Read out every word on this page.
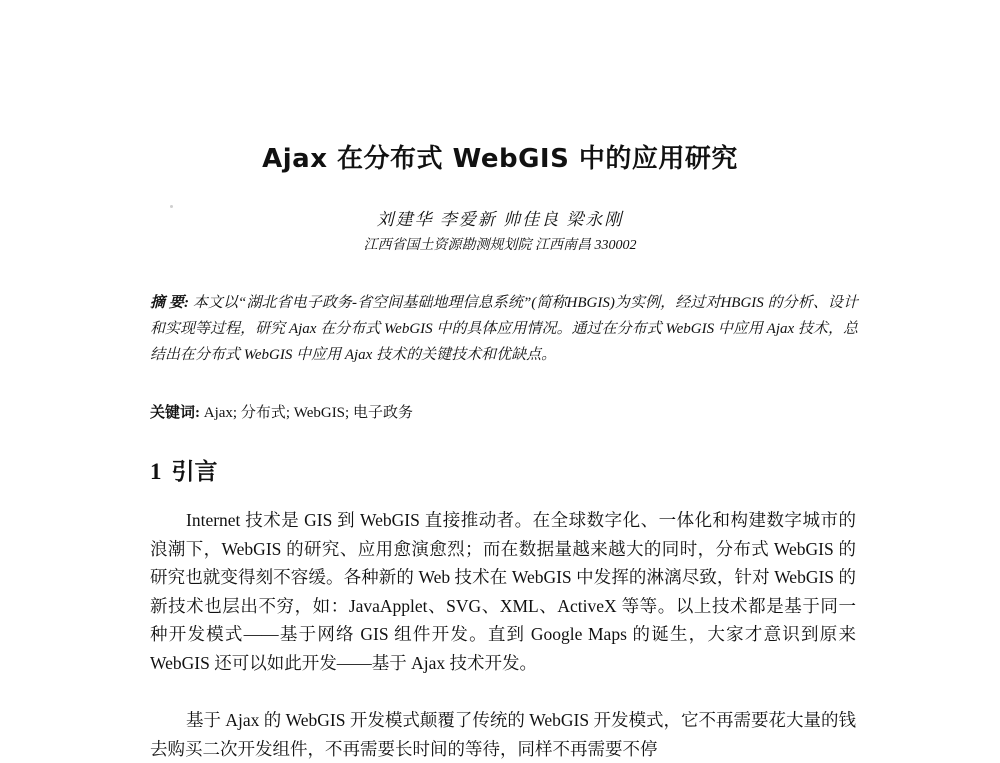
Ajax 在分布式 WebGIS 中的应用研究
刘建华 李爱新 帅佳良 梁永刚
江西省国土资源勘测规划院 江西南昌 330002
摘 要: 本文以“湖北省电子政务-省空间基础地理信息系统”(简称HBGIS)为实例，经过对HBGIS 的分析、设计和实现等过程，研究 Ajax 在分布式 WebGIS 中的具体应用情况。通过在分布式 WebGIS 中应用 Ajax 技术，总结出在分布式 WebGIS 中应用 Ajax 技术的关键技术和优缺点。
关键词: Ajax; 分布式; WebGIS; 电子政务
1 引言
Internet 技术是 GIS 到 WebGIS 直接推动者。在全球数字化、一体化和构建数字城市的浪潮下，WebGIS 的研究、应用愈演愈烈；而在数据量越来越大的同时，分布式 WebGIS 的研究也就变得刻不容缓。各种新的 Web 技术在 WebGIS 中发挥的淋漓尽致，针对 WebGIS 的新技术也层出不穷，如：JavaApplet、SVG、XML、ActiveX 等等。以上技术都是基于同一种开发模式——基于网络 GIS 组件开发。直到 Google Maps 的诞生，大家才意识到原来 WebGIS 还可以如此开发——基于 Ajax 技术开发。
基于 Ajax 的 WebGIS 开发模式颠覆了传统的 WebGIS 开发模式，它不再需要花大量的钱去购买二次开发组件，不再需要长时间的等待，同样不再需要不停
